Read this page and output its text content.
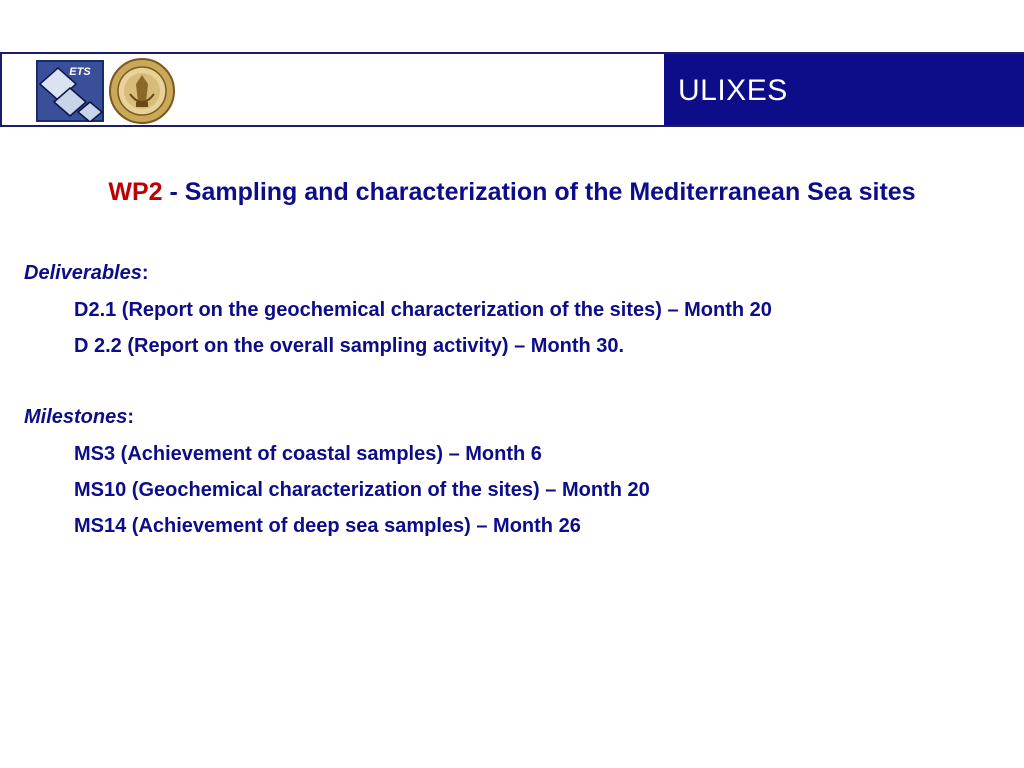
ETS
ULIXES
WP2 - Sampling and characterization of the Mediterranean Sea sites
Deliverables:
D2.1 (Report on the geochemical characterization of the sites) – Month 20
D 2.2 (Report on the overall sampling activity) – Month 30.
Milestones:
MS3 (Achievement of coastal samples) – Month 6
MS10 (Geochemical characterization of the sites) – Month 20
MS14 (Achievement of deep sea samples) – Month 26
